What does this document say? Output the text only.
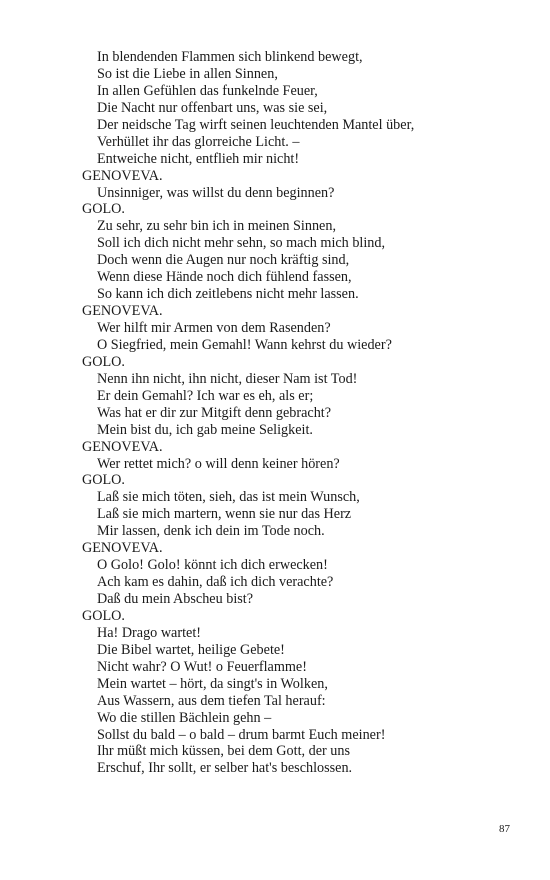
In blendenden Flammen sich blinkend bewegt,
So ist die Liebe in allen Sinnen,
In allen Gefühlen das funkelnde Feuer,
Die Nacht nur offenbart uns, was sie sei,
Der neidsche Tag wirft seinen leuchtenden Mantel über,
Verhüllet ihr das glorreiche Licht. –
Entweiche nicht, entflieh mir nicht!
GENOVEVA.
Unsinniger, was willst du denn beginnen?
GOLO.
Zu sehr, zu sehr bin ich in meinen Sinnen,
Soll ich dich nicht mehr sehn, so mach mich blind,
Doch wenn die Augen nur noch kräftig sind,
Wenn diese Hände noch dich fühlend fassen,
So kann ich dich zeitlebens nicht mehr lassen.
GENOVEVA.
Wer hilft mir Armen von dem Rasenden?
O Siegfried, mein Gemahl! Wann kehrst du wieder?
GOLO.
Nenn ihn nicht, ihn nicht, dieser Nam ist Tod!
Er dein Gemahl? Ich war es eh, als er;
Was hat er dir zur Mitgift denn gebracht?
Mein bist du, ich gab meine Seligkeit.
GENOVEVA.
Wer rettet mich? o will denn keiner hören?
GOLO.
Laß sie mich töten, sieh, das ist mein Wunsch,
Laß sie mich martern, wenn sie nur das Herz
Mir lassen, denk ich dein im Tode noch.
GENOVEVA.
O Golo! Golo! könnt ich dich erwecken!
Ach kam es dahin, daß ich dich verachte?
Daß du mein Abscheu bist?
GOLO.
Ha! Drago wartet!
Die Bibel wartet, heilige Gebete!
Nicht wahr? O Wut! o Feuerflamme!
Mein wartet – hört, da singt's in Wolken,
Aus Wassern, aus dem tiefen Tal herauf:
Wo die stillen Bächlein gehn –
Sollst du bald – o bald – drum barmt Euch meiner!
Ihr müßt mich küssen, bei dem Gott, der uns
Erschuf, Ihr sollt, er selber hat's beschlossen.
87
